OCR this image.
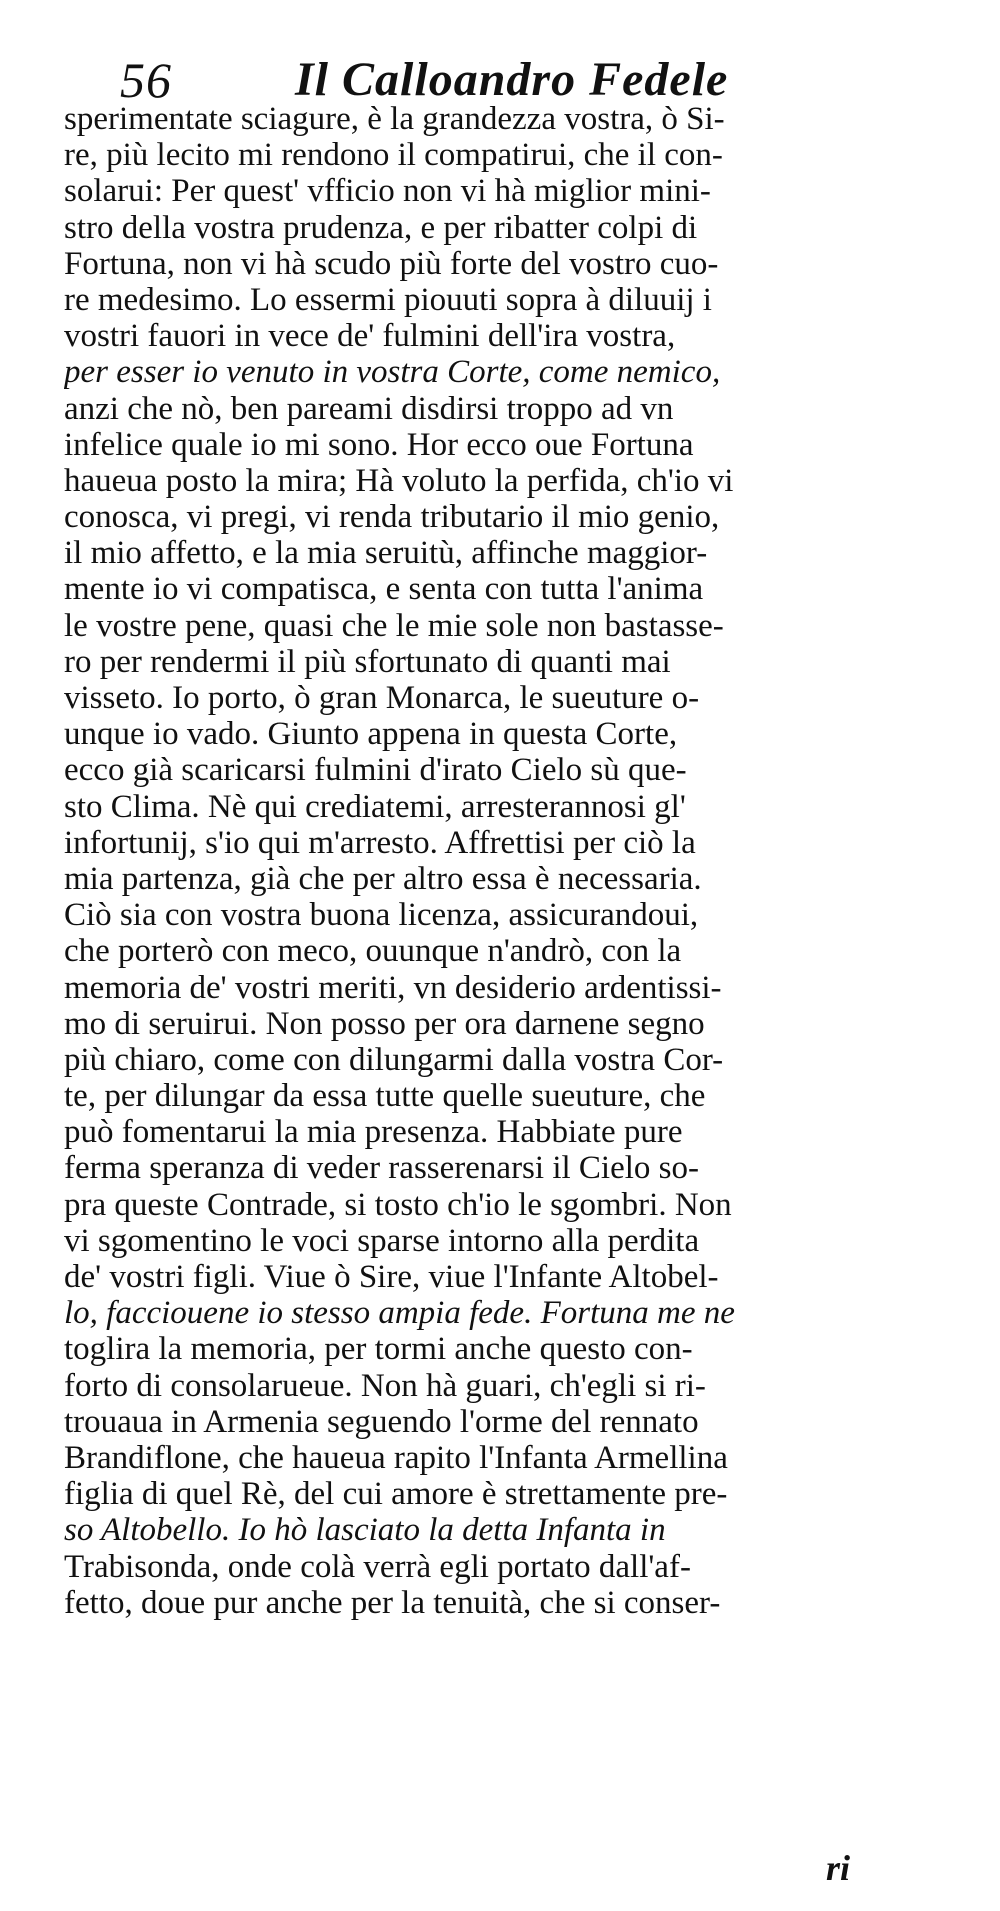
56	Il Calloandro Fedele
sperimentate sciagure, è la grandezza vostra, ò Si-
re, più lecito mi rendono il compatirui, che il con-
solarui: Per quest' vfficio non vi hà miglior mini-
stro della vostra prudenza, e per ribatter colpi di
Fortuna, non vi hà scudo più forte del vostro cuo-
re medesimo. Lo essermi piouuti sopra à diluuij i
vostri fauori in vece de' fulmini dell'ira vostra,
per esser io venuto in vostra Corte, come nemico,
anzi che nò, ben pareami disdirsi troppo ad vn
infelice quale io mi sono. Hor ecco oue Fortuna
haueua posto la mira; Hà voluto la perfida, ch'io vi
conosca, vi pregi, vi renda tributario il mio genio,
il mio affetto, e la mia seruitù, affinche maggior-
mente io vi compatisca, e senta con tutta l'anima
le vostre pene, quasi che le mie sole non bastasse-
ro per rendermi il più sfortunato di quanti mai
visseto. Io porto, ò gran Monarca, le sueuture o-
unque io vado. Giunto appena in questa Corte,
ecco già scaricarsi fulmini d'irato Cielo sù que-
sto Clima. Nè qui crediatemi, arresterannosi gl'
infortunij, s'io qui m'arresto. Affrettisi per ciò la
mia partenza, già che per altro essa è necessaria.
Ciò sia con vostra buona licenza, assicurandoui,
che porterò con meco, ouunque n'andrò, con la
memoria de' vostri meriti, vn desiderio ardentissi-
mo di seruirui. Non posso per ora darnene segno
più chiaro, come con dilungarmi dalla vostra Cor-
te, per dilungar da essa tutte quelle sueuture, che
può fomentarui la mia presenza. Habbiate pure
ferma speranza di veder rasserenarsi il Cielo so-
pra queste Contrade, si tosto ch'io le sgombri. Non
vi sgomentino le voci sparse intorno alla perdita
de' vostri figli. Viue ò Sire, viue l'Infante Altobel-
lo, facciouene io stesso ampia fede. Fortuna me ne
toglira la memoria, per tormi anche questo con-
forto di consolarueue. Non hà guari, ch'egli si ri-
trouaua in Armenia seguendo l'orme del rennato
Brandiflone, che haueua rapito l'Infanta Armellina
figlia di quel Rè, del cui amore è strettamente pre-
so Altobello. Io hò lasciato la detta Infanta in
Trabisonda, onde colà verrà egli portato dall'af-
fetto, doue pur anche per la tenuità, che si conser-
ri
